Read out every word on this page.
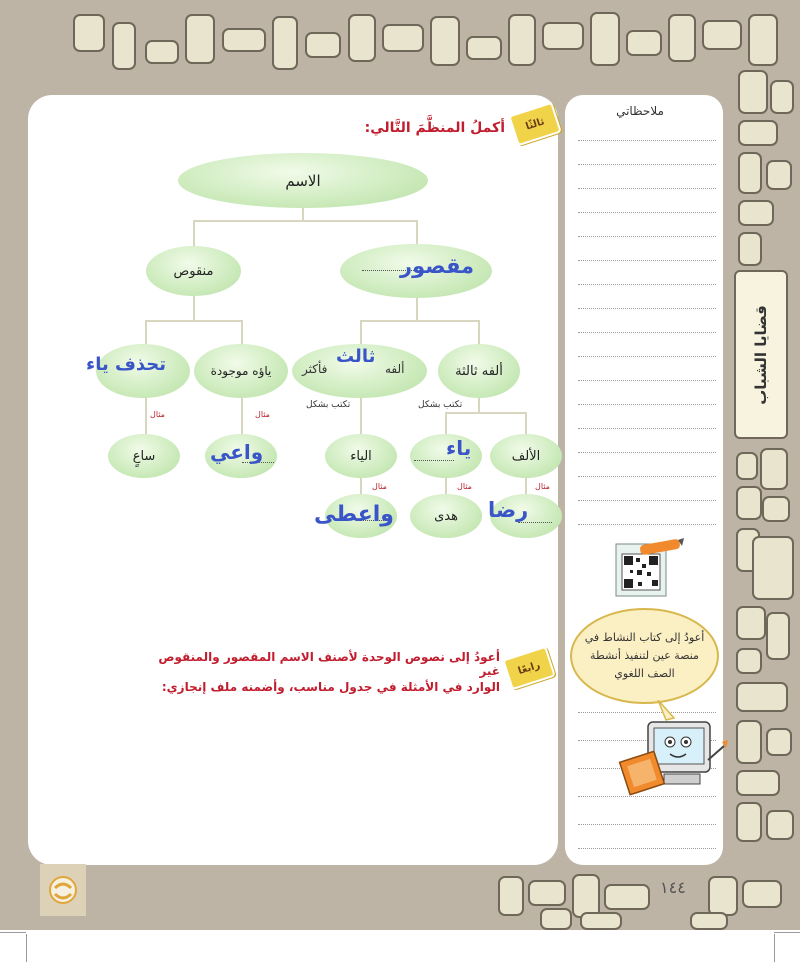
قضايا الشباب
ملاحظاتي
ثالثًا
أكملُ المنظَّمَ التَّالي:
الاسم
مقصور
منقوص
ألفه ثالثة
ألفه
فأكثر
ثالث
ياؤه موجودة
تحذف ياء
تكتب بشكل
تكتب بشكل
مثال
مثال
مثال	مثال	مثال
الألف
ياء
الياء
واعي
ساعٍ
رضا
هدى
واعطى
رابعًا
أعودُ إلى نصوص الوحدة لأصنف الاسم المقصور والمنقوص غير
الوارد في الأمثلة في جدول مناسب، وأضمنه ملف إنجازي:
أعودُ إلى كتاب النشاط في
منصة عين لتنفيذ أنشطة
الصف اللغوي
١٤٤
